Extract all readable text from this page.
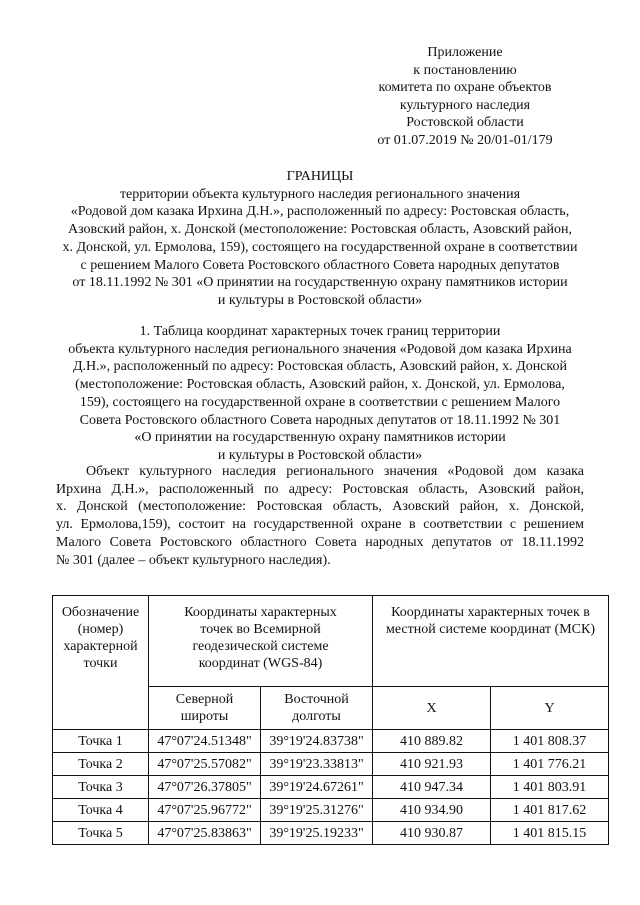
Приложение
к постановлению
комитета по охране объектов
культурного наследия
Ростовской области
от 01.07.2019 № 20/01-01/179
ГРАНИЦЫ
территории объекта культурного наследия регионального значения
«Родовой дом казака Ирхина Д.Н.», расположенный по адресу: Ростовская область,
Азовский район, х. Донской (местоположение: Ростовская область, Азовский район,
х. Донской, ул. Ермолова, 159), состоящего на государственной охране в соответствии
с решением Малого Совета Ростовского областного Совета народных депутатов
от 18.11.1992 № 301 «О принятии на государственную охрану памятников истории
и культуры в Ростовской области»
1. Таблица координат характерных точек границ территории
объекта культурного наследия регионального значения «Родовой дом казака Ирхина
Д.Н.», расположенный по адресу: Ростовская область, Азовский район, х. Донской
(местоположение: Ростовская область, Азовский район, х. Донской, ул. Ермолова,
159), состоящего на государственной охране в соответствии с решением Малого
Совета Ростовского областного Совета народных депутатов от 18.11.1992 № 301
«О принятии на государственную охрану памятников истории
и культуры в Ростовской области»
Объект культурного наследия регионального значения «Родовой дом казака
Ирхина Д.Н.», расположенный по адресу: Ростовская область, Азовский район,
х. Донской (местоположение: Ростовская область, Азовский район, х. Донской,
ул. Ермолова,159), состоит на государственной охране в соответствии с решением
Малого Совета Ростовского областного Совета народных депутатов от 18.11.1992
№ 301 (далее – объект культурного наследия).
Обозначение (номер) характерной точки	Координаты характерных точек во Всемирной геодезической системе координат (WGS-84)		Координаты характерных точек в местной системе координат (МСК)	
	Северной широты	Восточной долготы	X	Y
Точка 1	47°07'24.51348"	39°19'24.83738"	410 889.82	1 401 808.37
Точка 2	47°07'25.57082"	39°19'23.33813"	410 921.93	1 401 776.21
Точка 3	47°07'26.37805"	39°19'24.67261"	410 947.34	1 401 803.91
Точка 4	47°07'25.96772"	39°19'25.31276"	410 934.90	1 401 817.62
Точка 5	47°07'25.83863"	39°19'25.19233"	410 930.87	1 401 815.15
